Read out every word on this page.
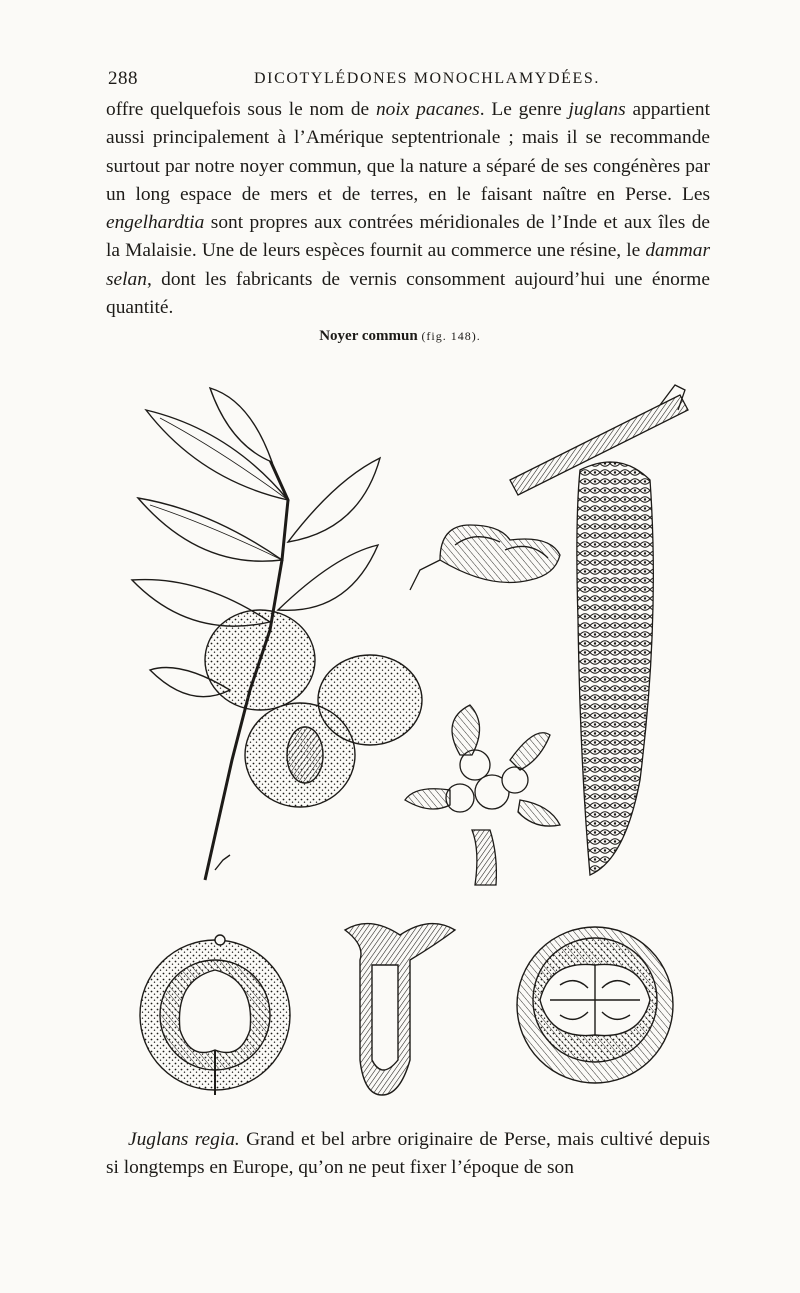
288	DICOTYLÉDONES MONOCHLAMYDÉES.
offre quelquefois sous le nom de noix pacanes. Le genre juglans appartient aussi principalement à l’Amérique septentrionale ; mais il se recommande surtout par notre noyer commun, que la nature a séparé de ses congénères par un long espace de mers et de terres, en le faisant naître en Perse. Les engelhardtia sont propres aux contrées méridionales de l’Inde et aux îles de la Malaisie. Une de leurs espèces fournit au commerce une résine, le dammar selan, dont les fabricants de vernis consomment aujourd’hui une énorme quantité.
Noyer commun (fig. 148).
Juglans regia. Grand et bel arbre originaire de Perse, mais cultivé depuis si longtemps en Europe, qu’on ne peut fixer l’époque de son
